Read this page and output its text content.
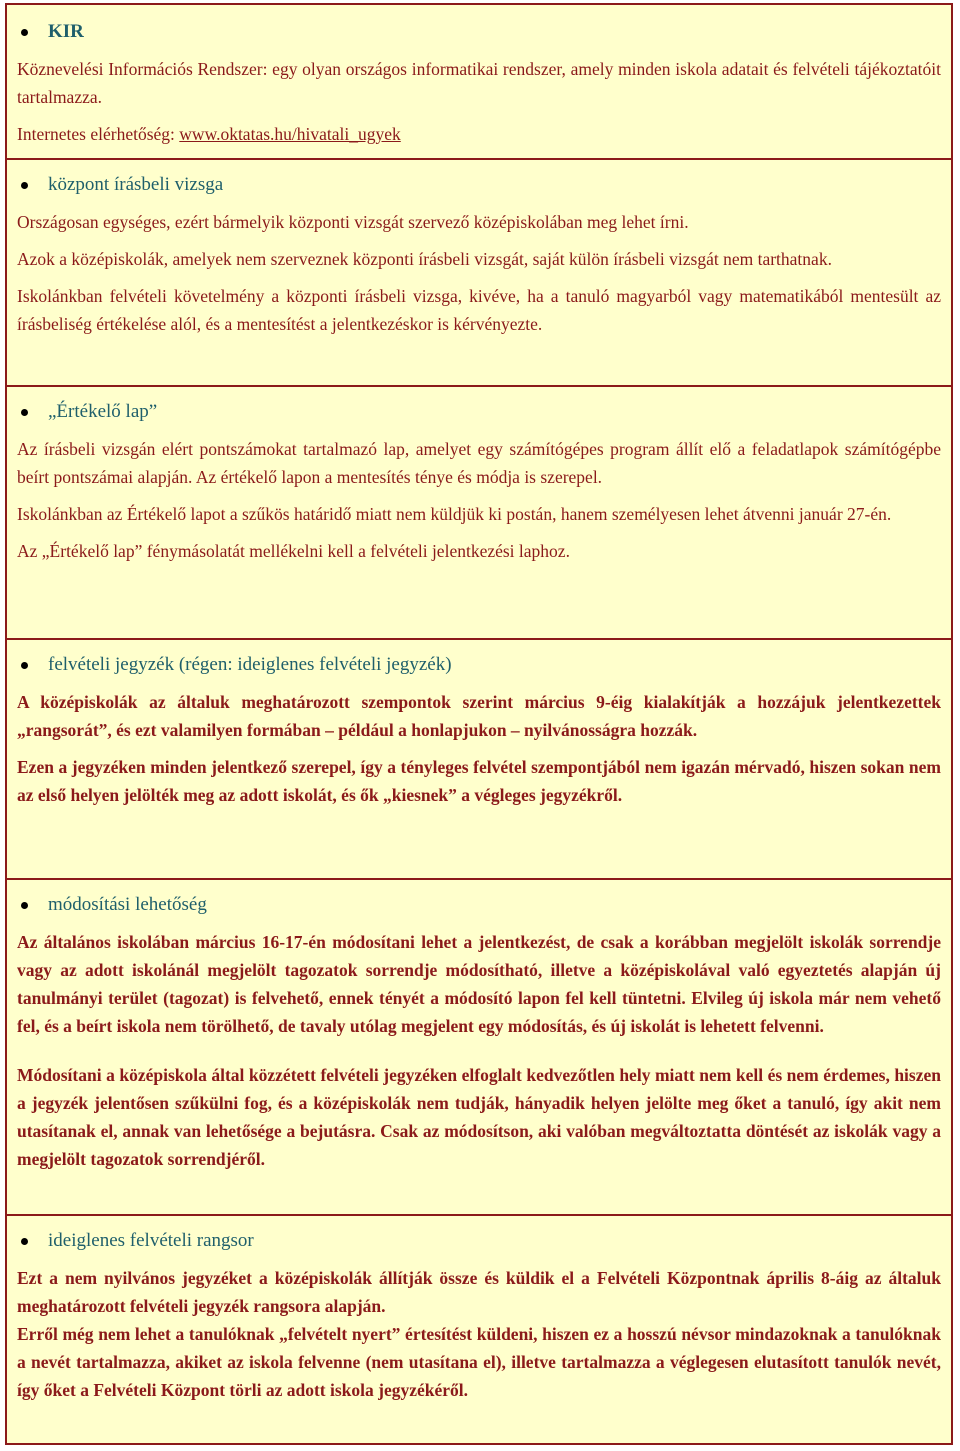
KIR

Köznevelési Információs Rendszer: egy olyan országos informatikai rendszer, amely minden iskola adatait és felvételi tájékoztatóit tartalmazza.

Internetes elérhetőség: www.oktatas.hu/hivatali_ugyek

központ írásbeli vizsga

Országosan egységes, ezért bármelyik központi vizsgát szervező középiskolában meg lehet írni.

Azok a középiskolák, amelyek nem szerveznek központi írásbeli vizsgát, saját külön írásbeli vizsgát nem tarthatnak.

Iskolánkban felvételi követelmény a központi írásbeli vizsga, kivéve, ha a tanuló magyarból vagy matematikából mentesült az írásbeliség értékelése alól, és a mentesítést a jelentkezéskor is kérvényezte.

„Értékelő lap”

Az írásbeli vizsgán elért pontszámokat tartalmazó lap, amelyet egy számítógépes program állít elő a feladatlapok számítógépbe beírt pontszámai alapján. Az értékelő lapon a mentesítés ténye és módja is szerepel.

Iskolánkban az Értékelő lapot a szűkös határidő miatt nem küldjük ki postán, hanem személyesen lehet átvenni január 27-én.

Az „Értékelő lap” fénymásolatát mellékelni kell a felvételi jelentkezési laphoz.

felvételi jegyzék (régen: ideiglenes felvételi jegyzék)

A középiskolák az általuk meghatározott szempontok szerint március 9-éig kialakítják a hozzájuk jelentkezettek „rangsorát”, és ezt valamilyen formában – például a honlapjukon – nyilvánosságra hozzák.

Ezen a jegyzéken minden jelentkező szerepel, így a tényleges felvétel szempontjából nem igazán mérvadó, hiszen sokan nem az első helyen jelölték meg az adott iskolát, és ők „kiesnek” a végleges jegyzékről.

módosítási lehetőség

Az általános iskolában március 16-17-én módosítani lehet a jelentkezést, de csak a korábban megjelölt iskolák sorrendje vagy az adott iskolánál megjelölt tagozatok sorrendje módosítható, illetve a középiskolával való egyeztetés alapján új tanulmányi terület (tagozat) is felvehető, ennek tényét a módosító lapon fel kell tüntetni. Elvileg új iskola már nem vehető fel, és a beírt iskola nem törölhető, de tavaly utólag megjelent egy módosítás, és új iskolát is lehetett felvenni.

Módosítani a középiskola által közzétett felvételi jegyzéken elfoglalt kedvezőtlen hely miatt nem kell és nem érdemes, hiszen a jegyzék jelentősen szűkülni fog, és a középiskolák nem tudják, hányadik helyen jelölte meg őket a tanuló, így akit nem utasítanak el, annak van lehetősége a bejutásra. Csak az módosítson, aki valóban megváltoztatta döntését az iskolák vagy a megjelölt tagozatok sorrendjéről.

ideiglenes felvételi rangsor

Ezt a nem nyilvános jegyzéket a középiskolák állítják össze és küldik el a Felvételi Központnak április 8-áig az általuk meghatározott felvételi jegyzék rangsora alapján.

Erről még nem lehet a tanulóknak „felvételt nyert” értesítést küldeni, hiszen ez a hosszú névsor mindazoknak a tanulóknak a nevét tartalmazza, akiket az iskola felvenne (nem utasítana el), illetve tartalmazza a véglegesen elutasított tanulók nevét, így őket a Felvételi Központ törli az adott iskola jegyzékéről.
